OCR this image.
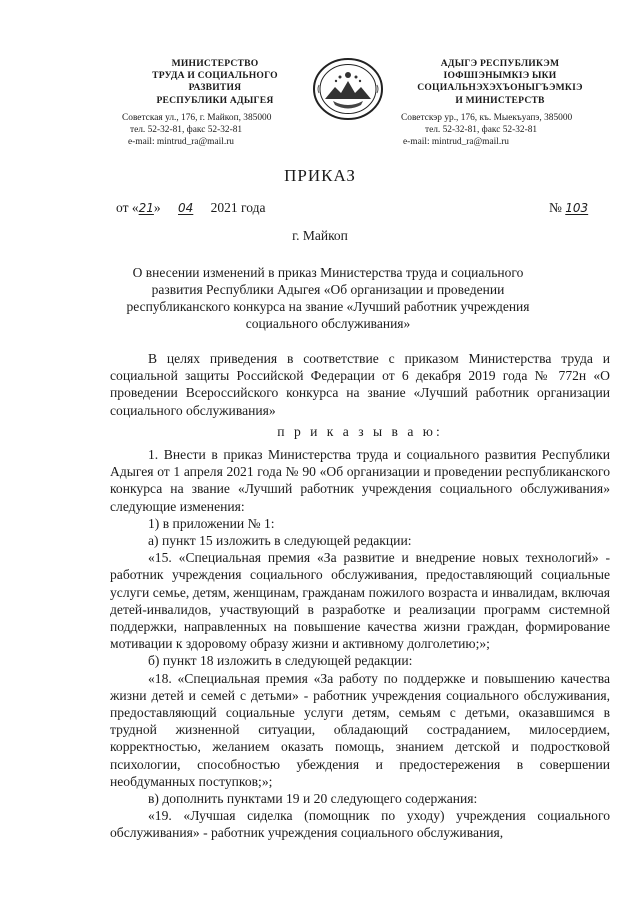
МИНИСТЕРСТВО
ТРУДА И СОЦИАЛЬНОГО
РАЗВИТИЯ
РЕСПУБЛИКИ АДЫГЕЯ
Советская ул., 176, г. Майкоп, 385000
тел. 52-32-81, факс 52-32-81
e-mail: mintrud_ra@mail.ru
АДЫГЭ РЕСПУБЛИКЭМ
ІОФШІЭНЫМКІЭ ЫКИ
СОЦИАЛЬНЭХЭХЪОНЫГЪЭМКІЭ
И МИНИСТЕРСТВ
Советскэр ур., 176, къ. Мыекъуапэ, 385000
тел. 52-32-81, факс 52-32-81
e-mail: mintrud_ra@mail.ru
ПРИКАЗ
от «21» 04 2021 года	№ 103
г. Майкоп
О внесении изменений в приказ Министерства труда и социального развития Республики Адыгея «Об организации и проведении республиканского конкурса на звание «Лучший работник учреждения социального обслуживания»

В целях приведения в соответствие с приказом Министерства труда и социальной защиты Российской Федерации от 6 декабря 2019 года № 772н «О проведении Всероссийского конкурса на звание «Лучший работник организации социального обслуживания»

п р и к а з ы в а ю:

1. Внести в приказ Министерства труда и социального развития Республики Адыгея от 1 апреля 2021 года № 90 «Об организации и проведении республиканского конкурса на звание «Лучший работник учреждения социального обслуживания» следующие изменения:

1) в приложении № 1:

а) пункт 15 изложить в следующей редакции:

«15. «Специальная премия «За развитие и внедрение новых технологий» - работник учреждения социального обслуживания, предоставляющий социальные услуги семье, детям, женщинам, гражданам пожилого возраста и инвалидам, включая детей-инвалидов, участвующий в разработке и реализации программ системной поддержки, направленных на повышение качества жизни граждан, формирование мотивации к здоровому образу жизни и активному долголетию;»;

б) пункт 18 изложить в следующей редакции:

«18. «Специальная премия «За работу по поддержке и повышению качества жизни детей и семей с детьми» - работник учреждения социального обслуживания, предоставляющий социальные услуги детям, семьям с детьми, оказавшимся в трудной жизненной ситуации, обладающий состраданием, милосердием, корректностью, желанием оказать помощь, знанием детской и подростковой психологии, способностью убеждения и предостережения в совершении необдуманных поступков;»;

в) дополнить пунктами 19 и 20 следующего содержания:

«19. «Лучшая сиделка (помощник по уходу) учреждения социального обслуживания» - работник учреждения социального обслуживания,
